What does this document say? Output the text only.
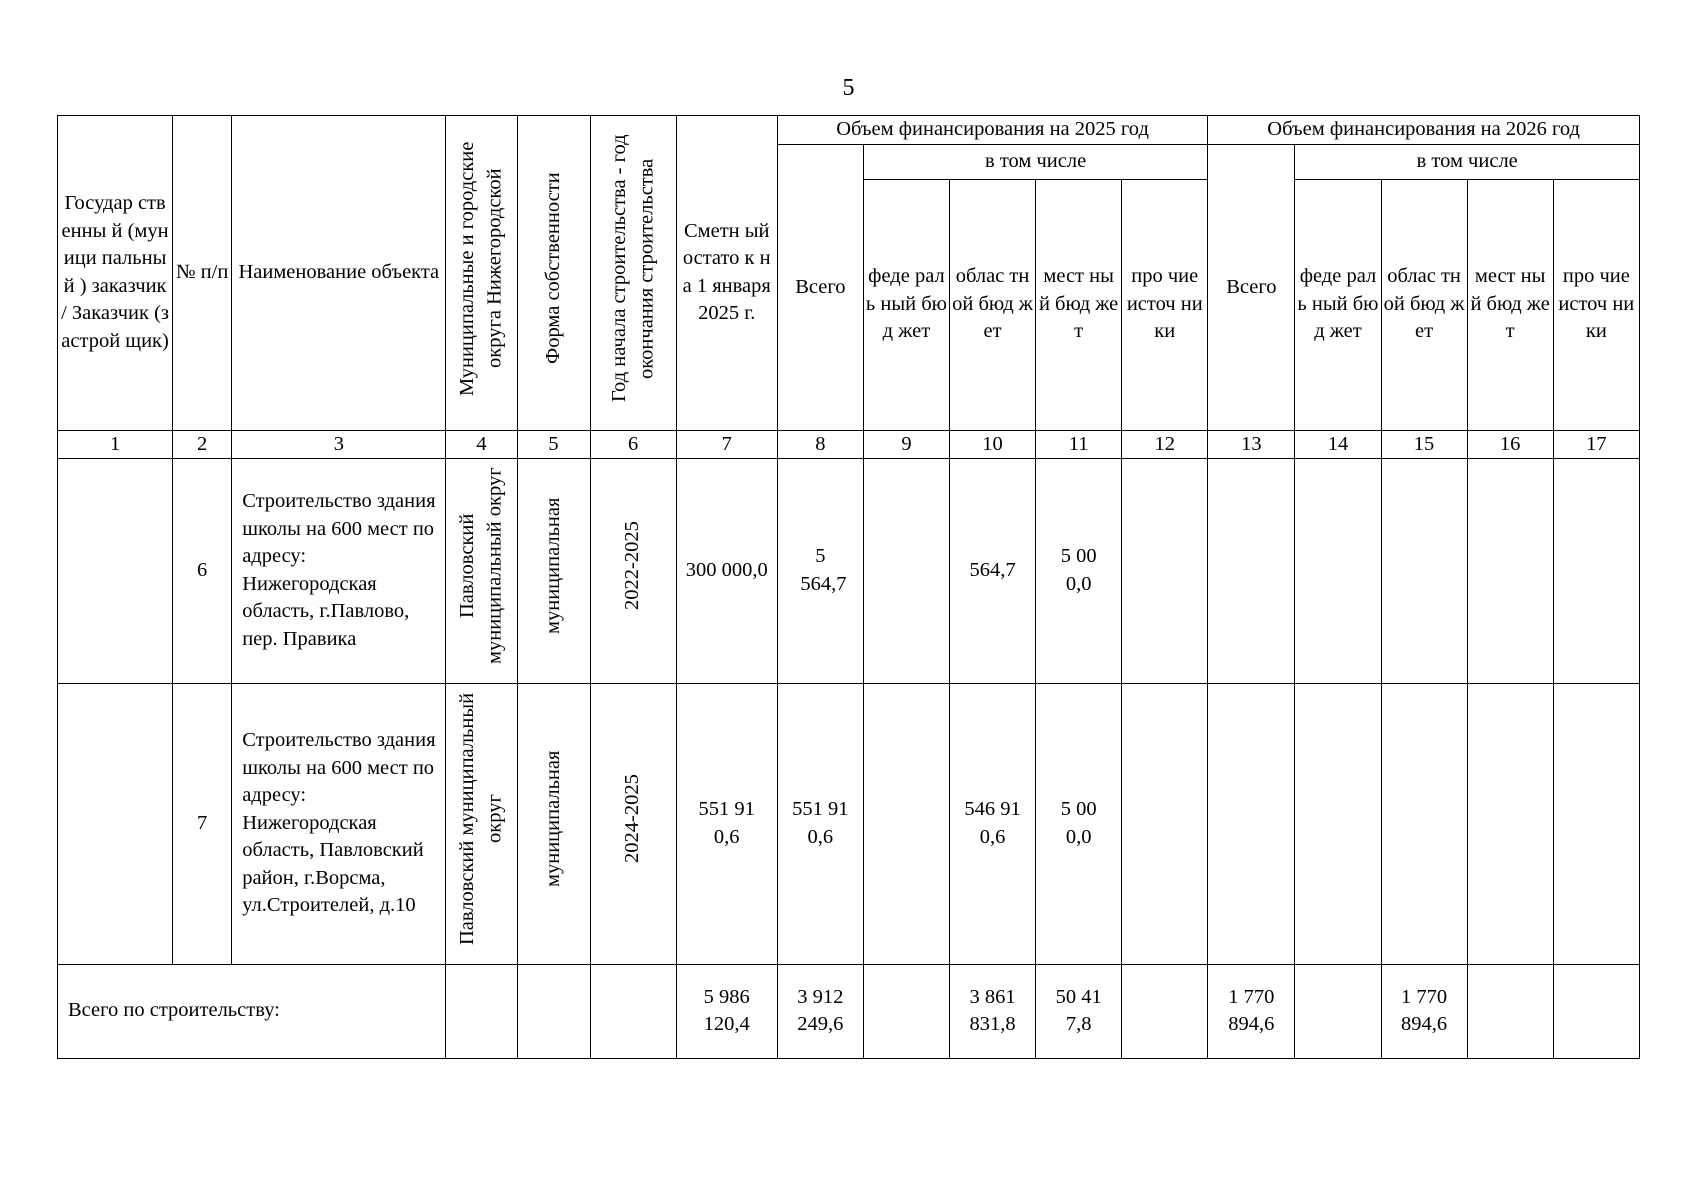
5
Государ ственны й (муници пальный ) заказчик / Заказчик (застрой щик)	№ п/п	Наименование объекта	Муниципальные и городские округа Нижегородской	Форма собственности	Год начала строительства - год окончания строительства	Сметн ый остато к на 1 января 2025 г.	Объем финансирования на 2025 год					Объем финансирования на 2026 год				
							Всего	в том числе				Всего	в том числе			
								феде раль ный бюд жет	облас тной бюд жет	мест ный бюд жет	про чие источ ники		феде раль ный бюд жет	облас тной бюд жет	мест ный бюд жет	про чие источ ники
1	2	3	4	5	6	7	8	9	10	11	12	13	14	15	16	17
	6	Строительство здания школы на 600 мест по адресу: Нижегородская область, г.Павлово, пер. Правика	Павловский муниципальный округ	муниципальная	2022-2025	300 000,0	5 564,7		564,7	5 000,0						
	7	Строительство здания школы на 600 мест по адресу: Нижегородская область, Павловский район, г.Ворсма, ул.Строителей, д.10	Павловский муниципальный округ	муниципальная	2024-2025	551 910,6	551 910,6		546 910,6	5 000,0						
Всего по строительству:						5 986 120,4	3 912 249,6		3 861 831,8	50 417,8		1 770 894,6		1 770 894,6		
